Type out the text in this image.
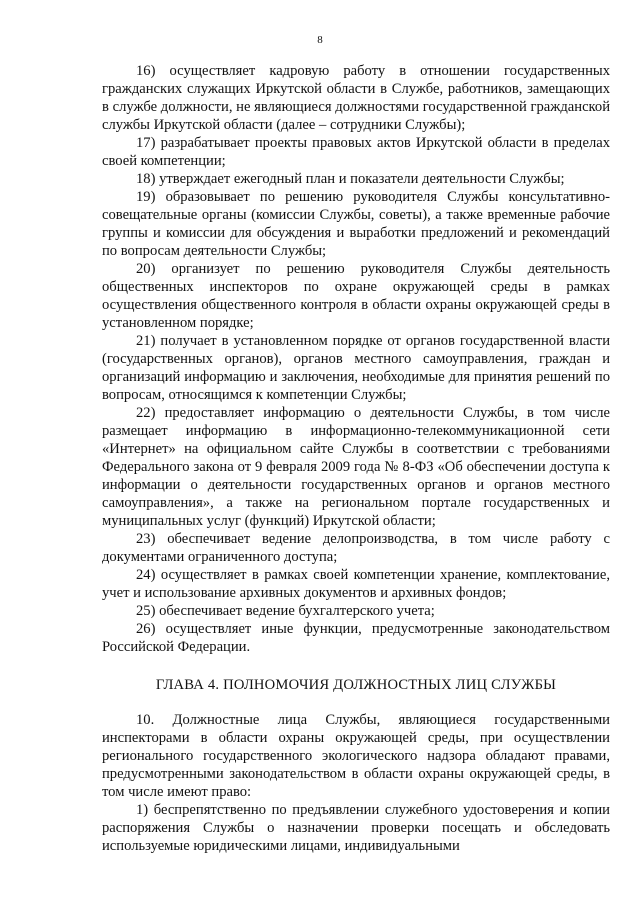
8

16) осуществляет кадровую работу в отношении государственных гражданских служащих Иркутской области в Службе, работников, замещающих в службе должности, не являющиеся должностями государственной гражданской службы Иркутской области (далее – сотрудники Службы);

17) разрабатывает проекты правовых актов Иркутской области в пределах своей компетенции;

18) утверждает ежегодный план и показатели деятельности Службы;

19) образовывает по решению руководителя Службы консультативно-совещательные органы (комиссии Службы, советы), а также временные рабочие группы и комиссии для обсуждения и выработки предложений и рекомендаций по вопросам деятельности Службы;

20) организует по решению руководителя Службы деятельность общественных инспекторов по охране окружающей среды в рамках осуществления общественного контроля в области охраны окружающей среды в установленном порядке;

21) получает в установленном порядке от органов государственной власти (государственных органов), органов местного самоуправления, граждан и организаций информацию и заключения, необходимые для принятия решений по вопросам, относящимся к компетенции Службы;

22) предоставляет информацию о деятельности Службы, в том числе размещает информацию в информационно-телекоммуникационной сети «Интернет» на официальном сайте Службы в соответствии с требованиями Федерального закона от 9 февраля 2009 года № 8-ФЗ «Об обеспечении доступа к информации о деятельности государственных органов и органов местного самоуправления», а также на региональном портале государственных и муниципальных услуг (функций) Иркутской области;

23) обеспечивает ведение делопроизводства, в том числе работу с документами ограниченного доступа;

24) осуществляет в рамках своей компетенции хранение, комплектование, учет и использование архивных документов и архивных фондов;

25) обеспечивает ведение бухгалтерского учета;

26) осуществляет иные функции, предусмотренные законодательством Российской Федерации.

ГЛАВА 4. ПОЛНОМОЧИЯ ДОЛЖНОСТНЫХ ЛИЦ СЛУЖБЫ

10. Должностные лица Службы, являющиеся государственными инспекторами в области охраны окружающей среды, при осуществлении регионального государственного экологического надзора обладают правами, предусмотренными законодательством в области охраны окружающей среды, в том числе имеют право:

1) беспрепятственно по предъявлении служебного удостоверения и копии распоряжения Службы о назначении проверки посещать и обследовать используемые юридическими лицами, индивидуальными
